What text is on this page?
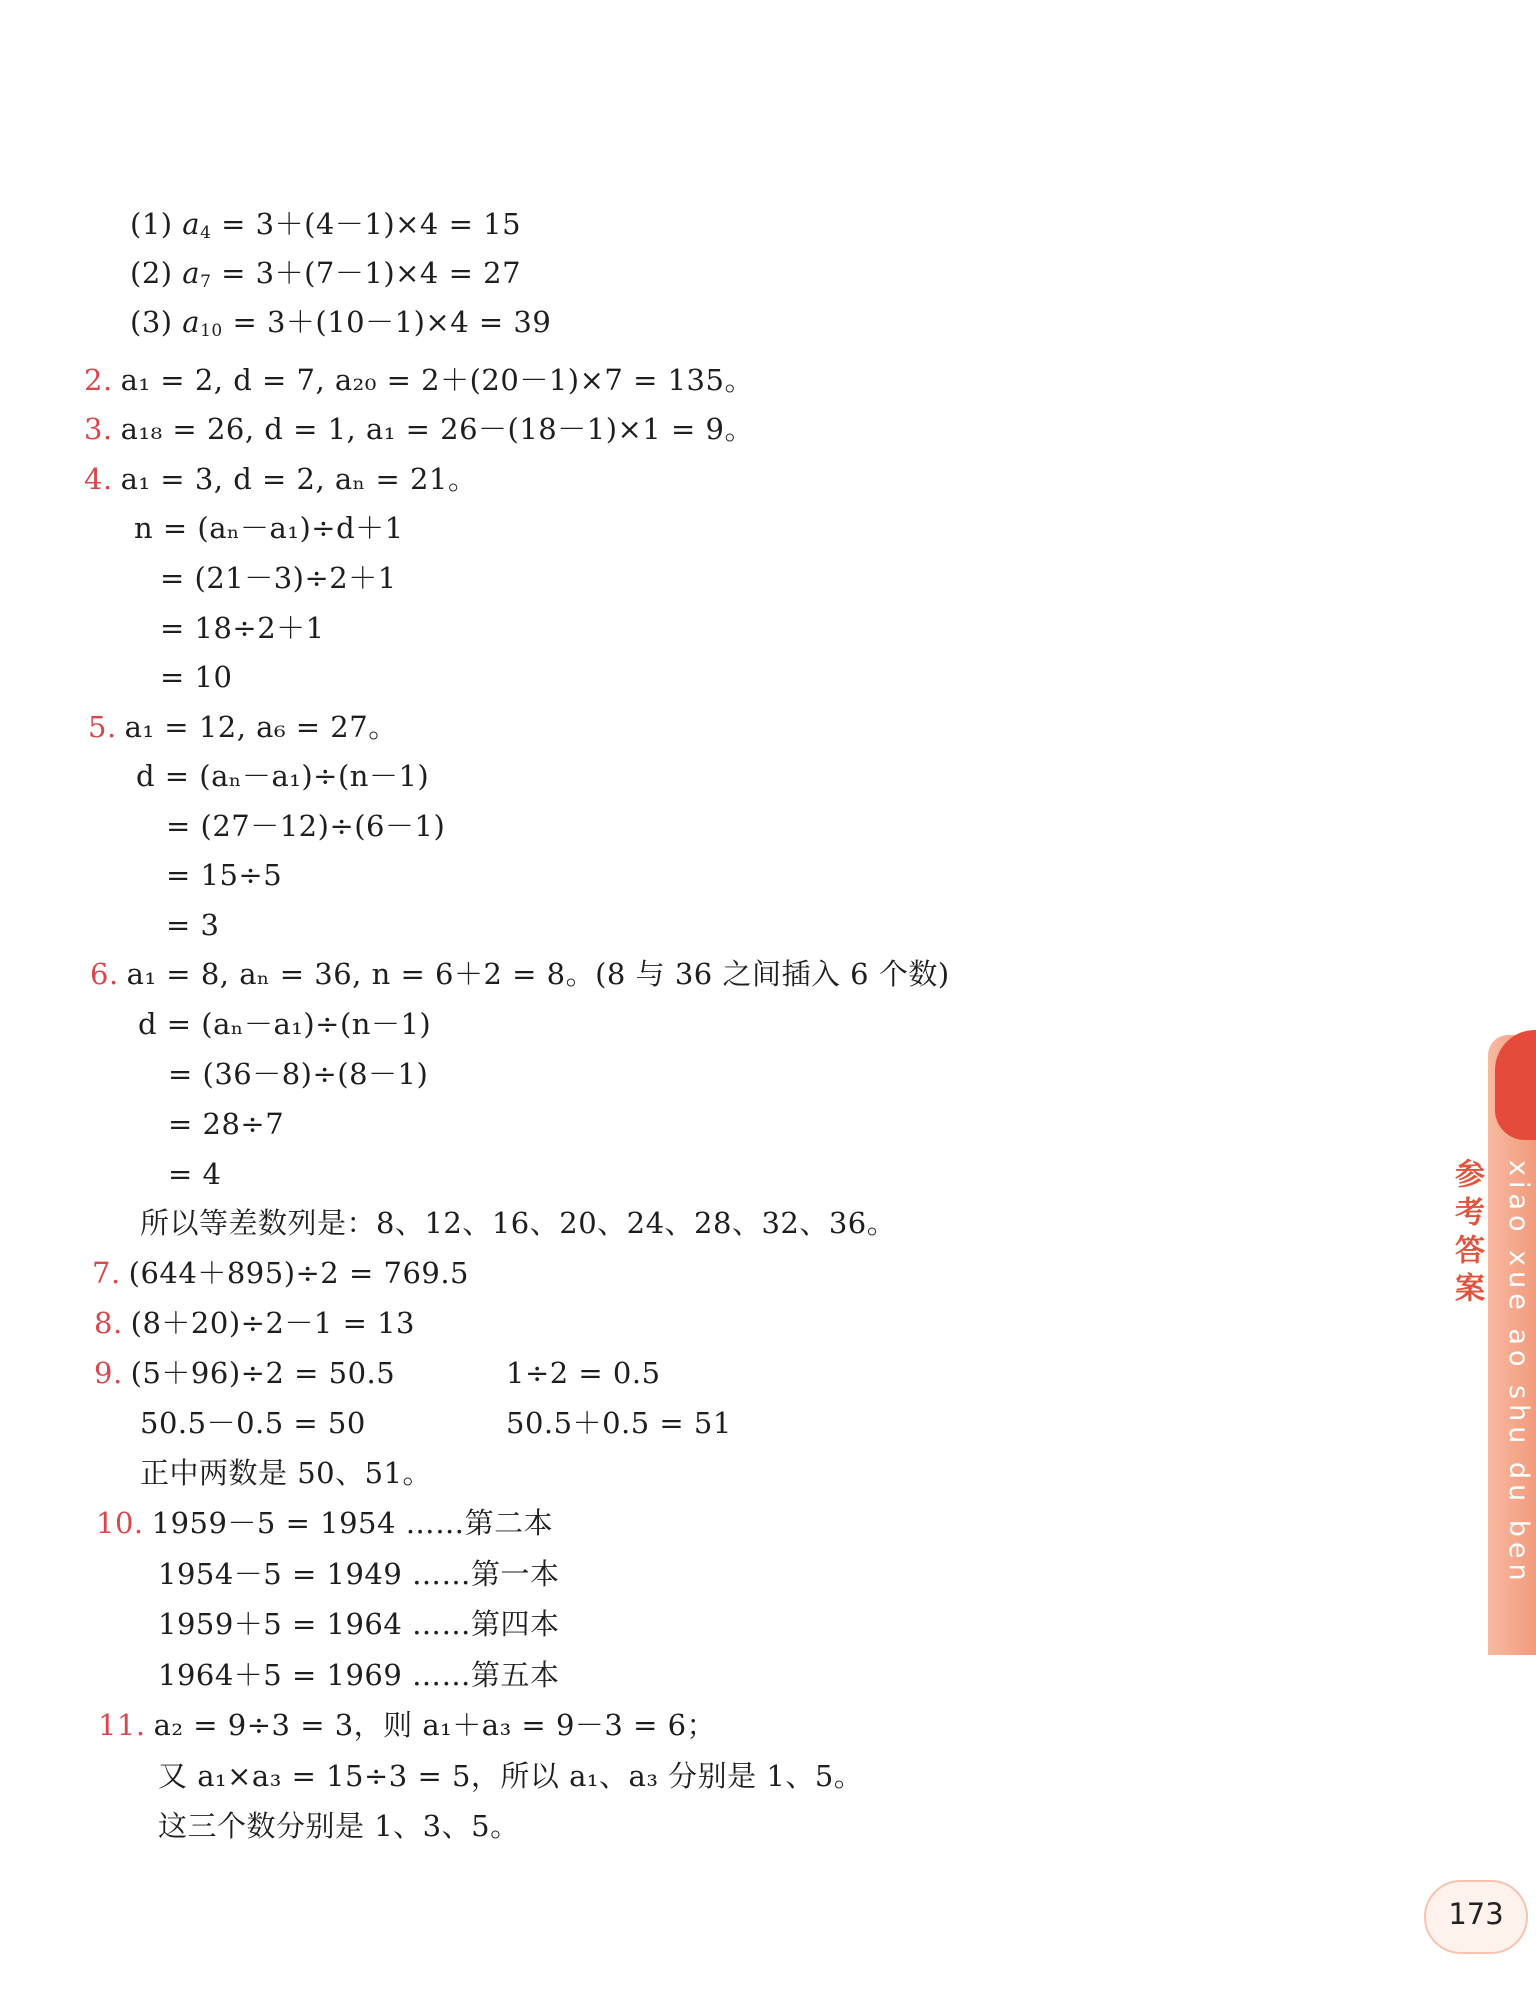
(1) $a_4 = 3+(4-1)\times 4 = 15$
(2) $a_7 = 3+(7-1)\times 4 = 27$
(3) $a_{10} = 3+(10-1)\times 4 = 39$
2. a₁ = 2, d = 7, a₂₀ = 2＋(20－1)×7 = 135。
3. a₁₈ = 26, d = 1, a₁ = 26－(18－1)×1 = 9。
4. a₁ = 3, d = 2, aₙ = 21。
n = (aₙ－a₁)÷d＋1
= (21－3)÷2＋1
= 18÷2＋1
= 10
5. a₁ = 12, a₆ = 27。
d = (aₙ－a₁)÷(n－1)
= (27－12)÷(6－1)
= 15÷5
= 3
6. a₁ = 8, aₙ = 36, n = 6＋2 = 8。(8 与 36 之间插入 6 个数)
d = (aₙ－a₁)÷(n－1)
= (36－8)÷(8－1)
= 28÷7
= 4
所以等差数列是：8、12、16、20、24、28、32、36。
7. (644＋895)÷2 = 769.5
8. (8＋20)÷2－1 = 13
9. (5＋96)÷2 = 50.5	1÷2 = 0.5
50.5－0.5 = 50	50.5＋0.5 = 51
正中两数是 50、51。
10. 1959－5 = 1954 ……第二本
1954－5 = 1949 ……第一本
1959＋5 = 1964 ……第四本
1964＋5 = 1969 ……第五本
11. a₂ = 9÷3 = 3，则 a₁＋a₃ = 9－3 = 6；
又 a₁×a₃ = 15÷3 = 5，所以 a₁、a₃ 分别是 1、5。
这三个数分别是 1、3、5。
xiao xue ao shu du ben
参考答案
173
